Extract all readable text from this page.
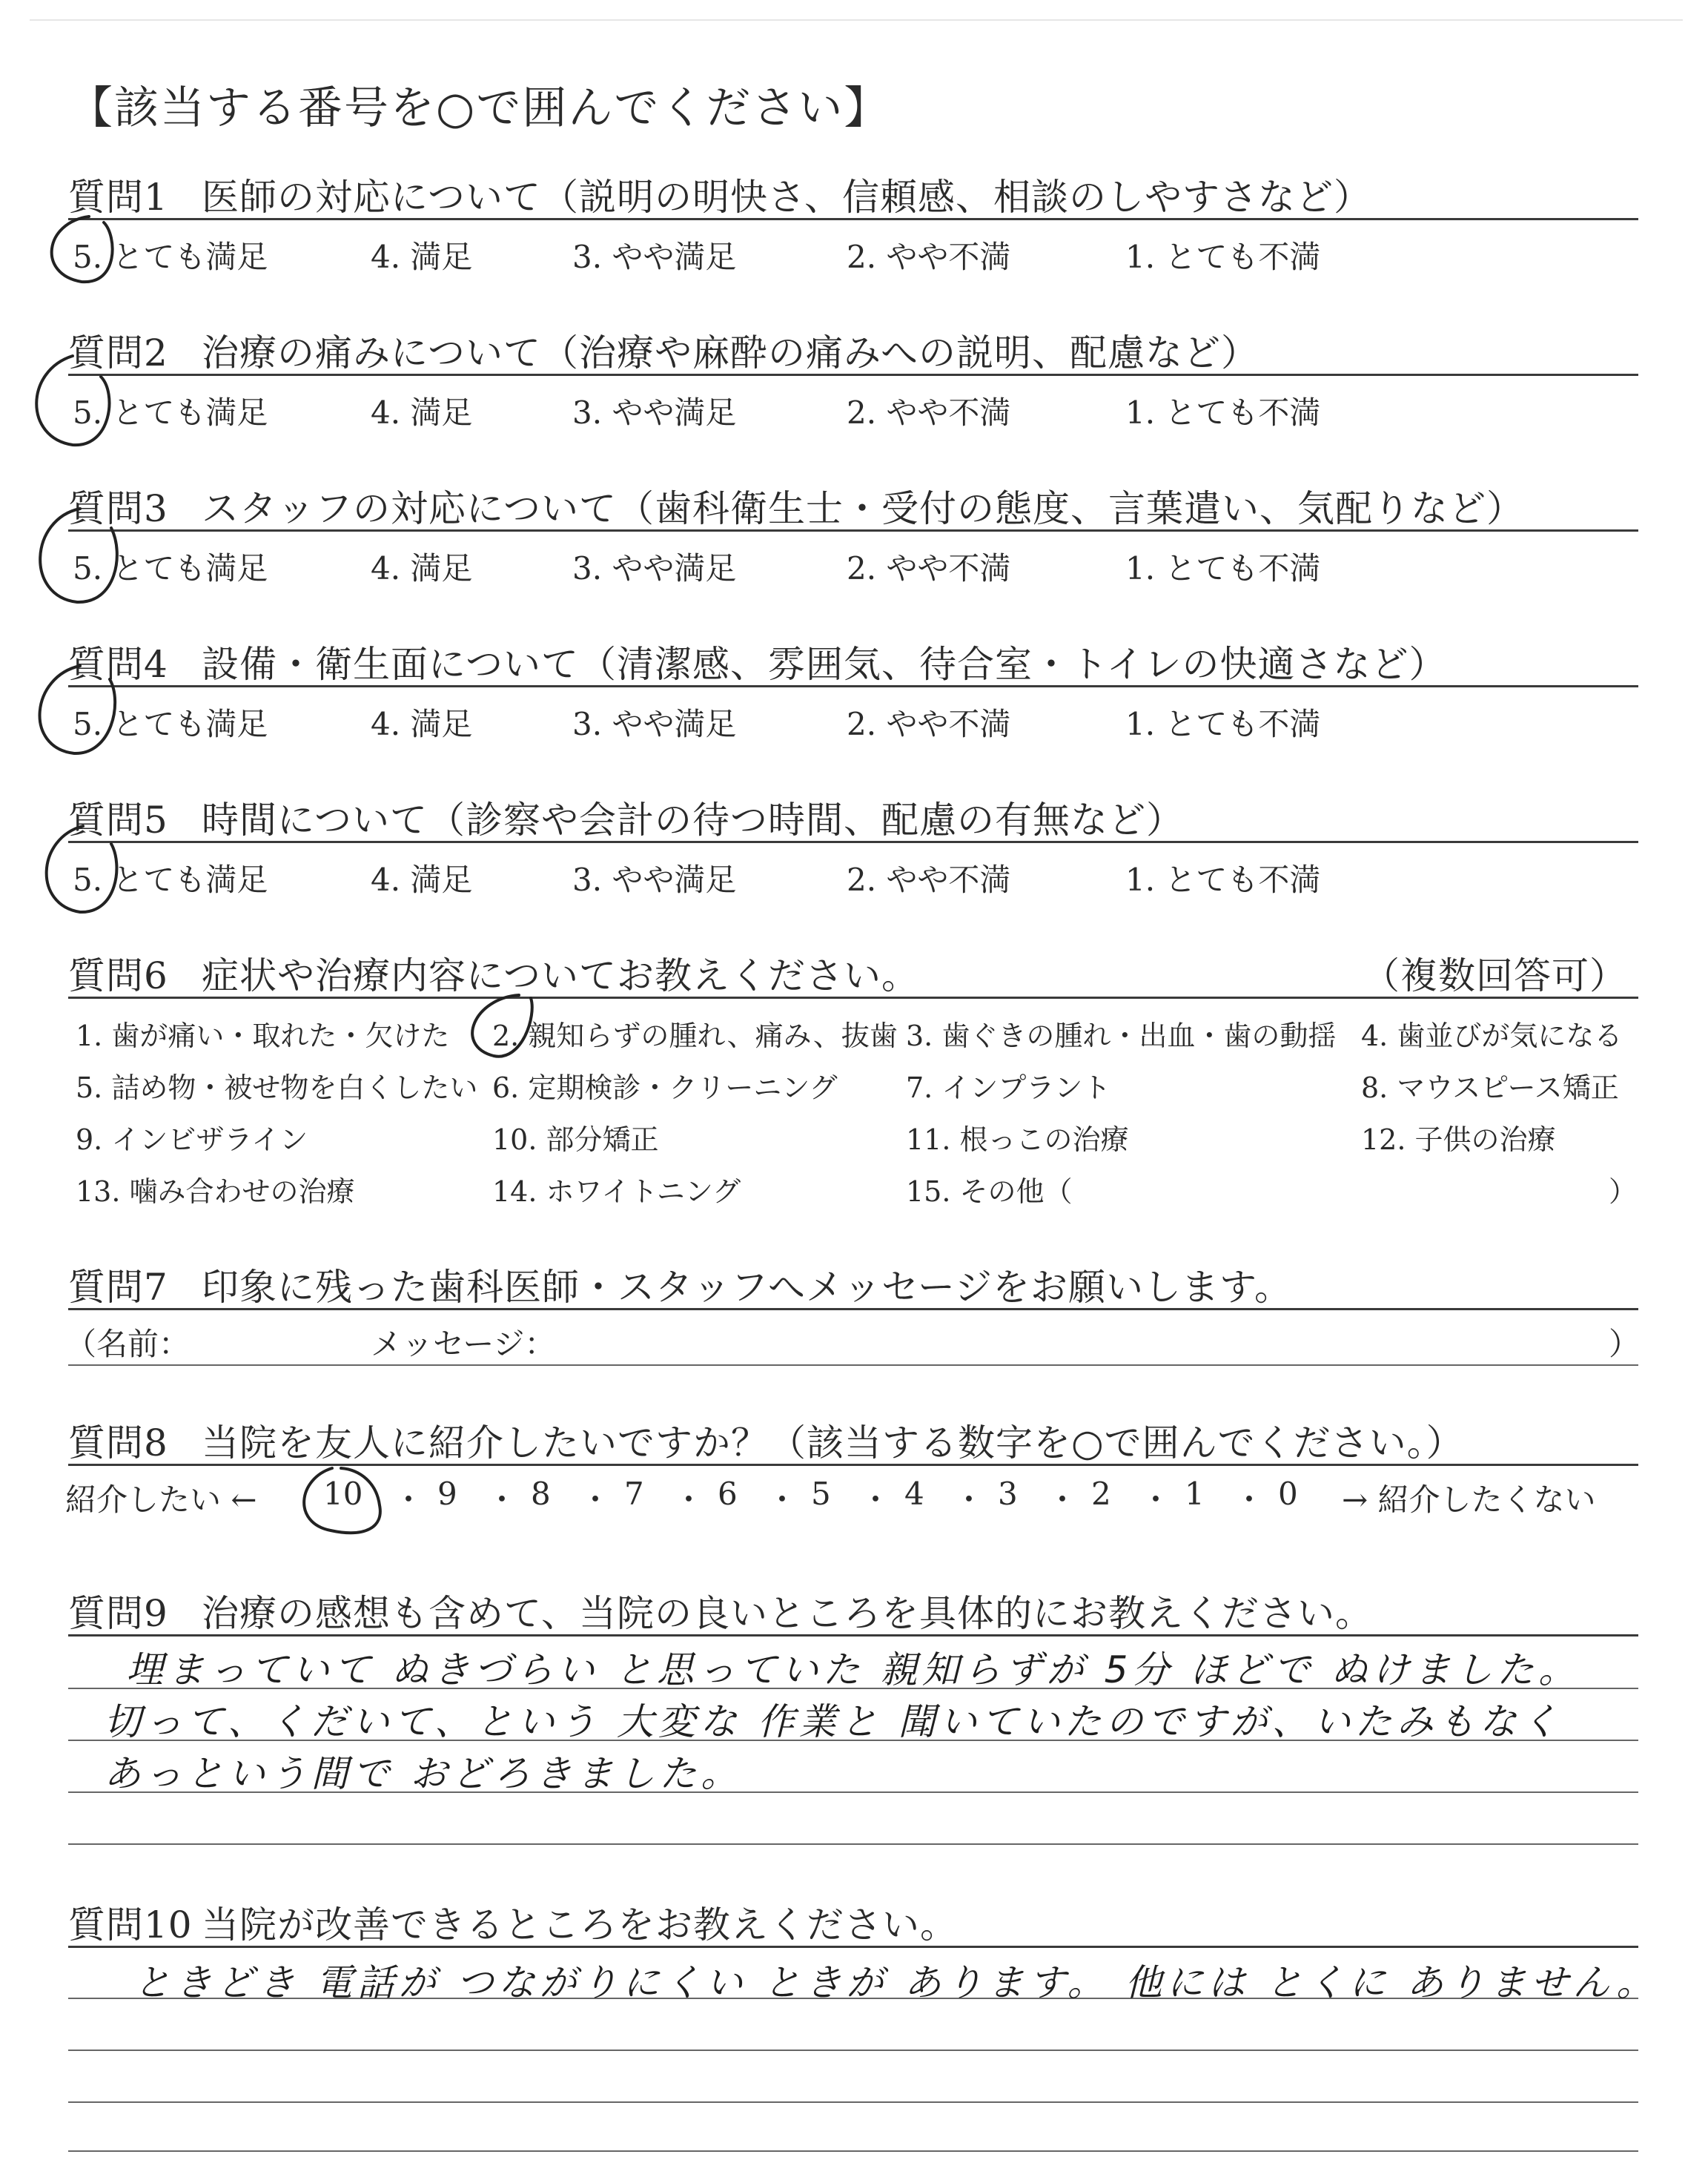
【該当する番号を○で囲んでください】
質問1 医師の対応について（説明の明快さ、信頼感、相談のしやすさなど）
5. とても満足	4. 満足	3. やや満足	2. やや不満	1. とても不満
質問2 治療の痛みについて（治療や麻酔の痛みへの説明、配慮など）
5. とても満足	4. 満足	3. やや満足	2. やや不満	1. とても不満
質問3 スタッフの対応について（歯科衛生士・受付の態度、言葉遣い、気配りなど）
5. とても満足	4. 満足	3. やや満足	2. やや不満	1. とても不満
質問4 設備・衛生面について（清潔感、雰囲気、待合室・トイレの快適さなど）
5. とても満足	4. 満足	3. やや満足	2. やや不満	1. とても不満
質問5 時間について（診察や会計の待つ時間、配慮の有無など）
5. とても満足	4. 満足	3. やや満足	2. やや不満	1. とても不満
質問6 症状や治療内容についてお教えください。	（複数回答可）
1. 歯が痛い・取れた・欠けた 2. 親知らずの腫れ、痛み、抜歯 3. 歯ぐきの腫れ・出血・歯の動揺 4. 歯並びが気になる
5. 詰め物・被せ物を白くしたい 6. 定期検診・クリーニング 7. インプラント	8. マウスピース矯正
9. インビザライン	10. 部分矯正	11. 根っこの治療	12. 子供の治療
13. 噛み合わせの治療	14. ホワイトニング	15. その他（	）
質問7 印象に残った歯科医師・スタッフへメッセージをお願いします。
（名前：	メッセージ：	）
質問8 当院を友人に紹介したいですか？（該当する数字を○で囲んでください。）
紹介したい ← 10 ・ 9 ・ 8 ・ 7 ・ 6 ・ 5 ・ 4 ・ 3 ・ 2 ・ 1 ・ 0 → 紹介したくない
質問9 治療の感想も含めて、当院の良いところを具体的にお教えください。
埋まっていて ぬきづらい と思っていた 親知らずが 5分 ほどで ぬけました。
切って、くだいて、という 大変な 作業と 聞いていたのですが、いたみもなく
あっという間で おどろきました。
質問10 当院が改善できるところをお教えください。
ときどき 電話が つながりにくい ときが あります。 他には とくに ありません。
